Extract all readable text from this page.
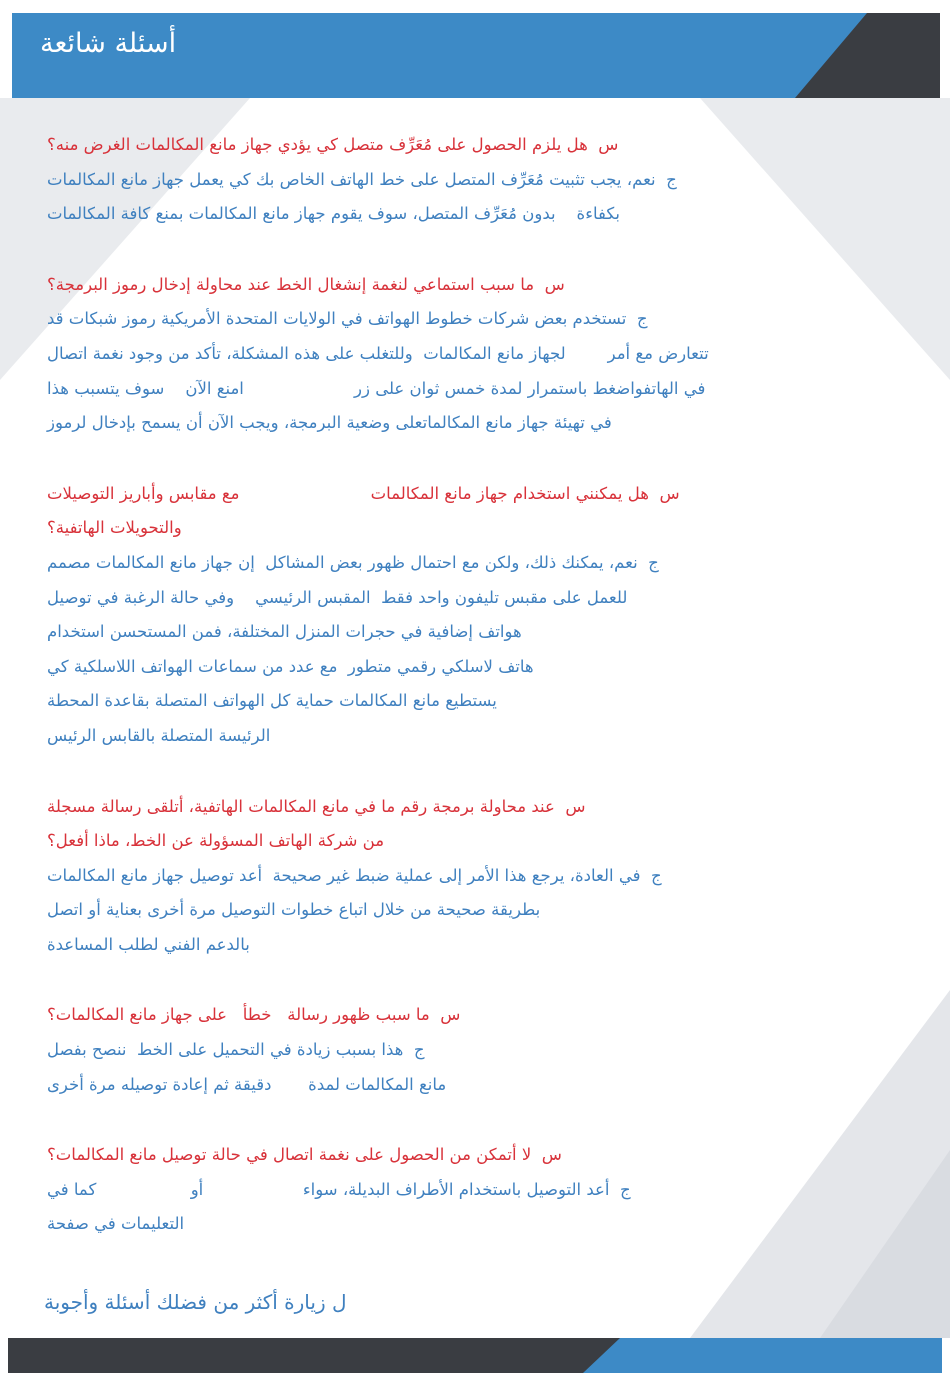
أسئلة شائعة
س  هل يلزم الحصول على مُعَرِّف متصل كي يؤدي جهاز مانع المكالمات الغرض منه؟
ج  نعم، يجب تثبيت مُعَرِّف المتصل على خط الهاتف الخاص بك كي يعمل جهاز مانع المكالمات
بكفاءة    بدون مُعَرِّف المتصل، سوف يقوم جهاز مانع المكالمات بمنع كافة المكالمات
س  ما سبب استماعي لنغمة إنشغال الخط عند محاولة إدخال رموز البرمجة؟
ج  تستخدم بعض شركات خطوط الهواتف في الولايات المتحدة الأمريكية رموز شبكات قد
تتعارض مع أمر        لجهاز مانع المكالمات  وللتغلب على هذه المشكلة، تأكد من وجود نغمة اتصال
في الهاتفواضغط باستمرار لمدة خمس ثوان على زر                     امنع الآن    سوف يتسبب هذا
في تهيئة جهاز مانع المكالماتعلى وضعية البرمجة، ويجب الآن أن يسمح بإدخال لرموز
س  هل يمكنني استخدام جهاز مانع المكالمات                         مع مقابس وأباريز التوصيلات
والتحويلات الهاتفية؟
ج  نعم، يمكنك ذلك، ولكن مع احتمال ظهور بعض المشاكل  إن جهاز مانع المكالمات مصمم
للعمل على مقبس تليفون واحد فقط  المقبس الرئيسي    وفي حالة الرغبة في توصيل
هواتف إضافية في حجرات المنزل المختلفة، فمن المستحسن استخدام
هاتف لاسلكي رقمي متطور  مع عدد من سماعات الهواتف اللاسلكية كي
يستطيع مانع المكالمات حماية كل الهواتف المتصلة بقاعدة المحطة
الرئيسة المتصلة بالقابس الرئيس
س  عند محاولة برمجة رقم ما في مانع المكالمات الهاتفية، أتلقى رسالة مسجلة
من شركة الهاتف المسؤولة عن الخط، ماذا أفعل؟
ج  في العادة، يرجع هذا الأمر إلى عملية ضبط غير صحيحة  أعد توصيل جهاز مانع المكالمات
بطريقة صحيحة من خلال اتباع خطوات التوصيل مرة أخرى بعناية أو اتصل
بالدعم الفني لطلب المساعدة
س  ما سبب ظهور رسالة   خطأ   على جهاز مانع المكالمات؟
ج  هذا بسبب زيادة في التحميل على الخط  ننصح بفصل
مانع المكالمات لمدة       دقيقة ثم إعادة توصيله مرة أخرى
س  لا أتمكن من الحصول على نغمة اتصال في حالة توصيل مانع المكالمات؟
ج  أعد التوصيل باستخدام الأطراف البديلة، سواء                   أو                  كما في
التعليمات في صفحة
ل زيارة أكثر من فضلك أسئلة وأجوبة
